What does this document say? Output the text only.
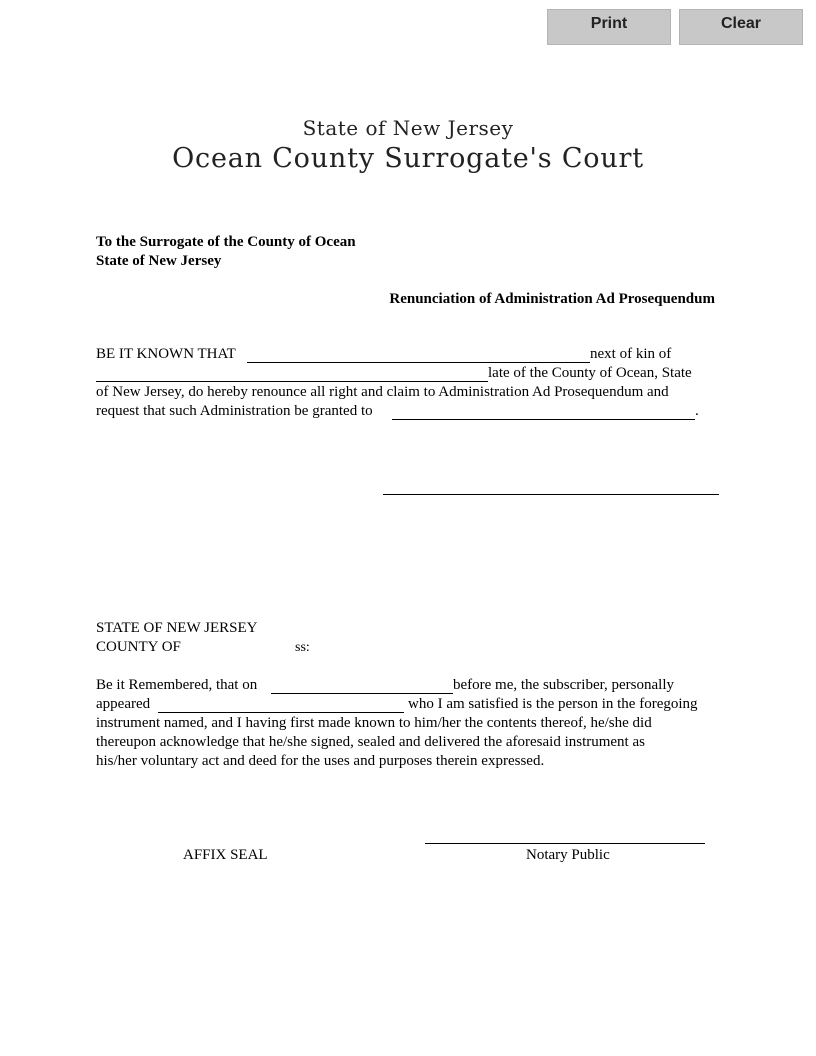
Print	Clear
State of New Jersey
Ocean County Surrogate's Court
To the Surrogate of the County of Ocean
State of New Jersey
Renunciation of Administration Ad Prosequendum
BE IT KNOWN THAT	next of kin of
late of the County of Ocean, State
of New Jersey, do hereby renounce all right and claim to Administration Ad Prosequendum and
request that such Administration be granted to	.
STATE OF NEW JERSEY
COUNTY OF	ss:
Be it Remembered, that on	before me, the subscriber, personally
appeared	who I am satisfied is the person in the foregoing
instrument named, and I having first made known to him/her the contents thereof, he/she did
thereupon acknowledge that he/she signed, sealed and delivered the aforesaid instrument as
his/her voluntary act and deed for the uses and purposes therein expressed.
AFFIX SEAL	Notary Public
